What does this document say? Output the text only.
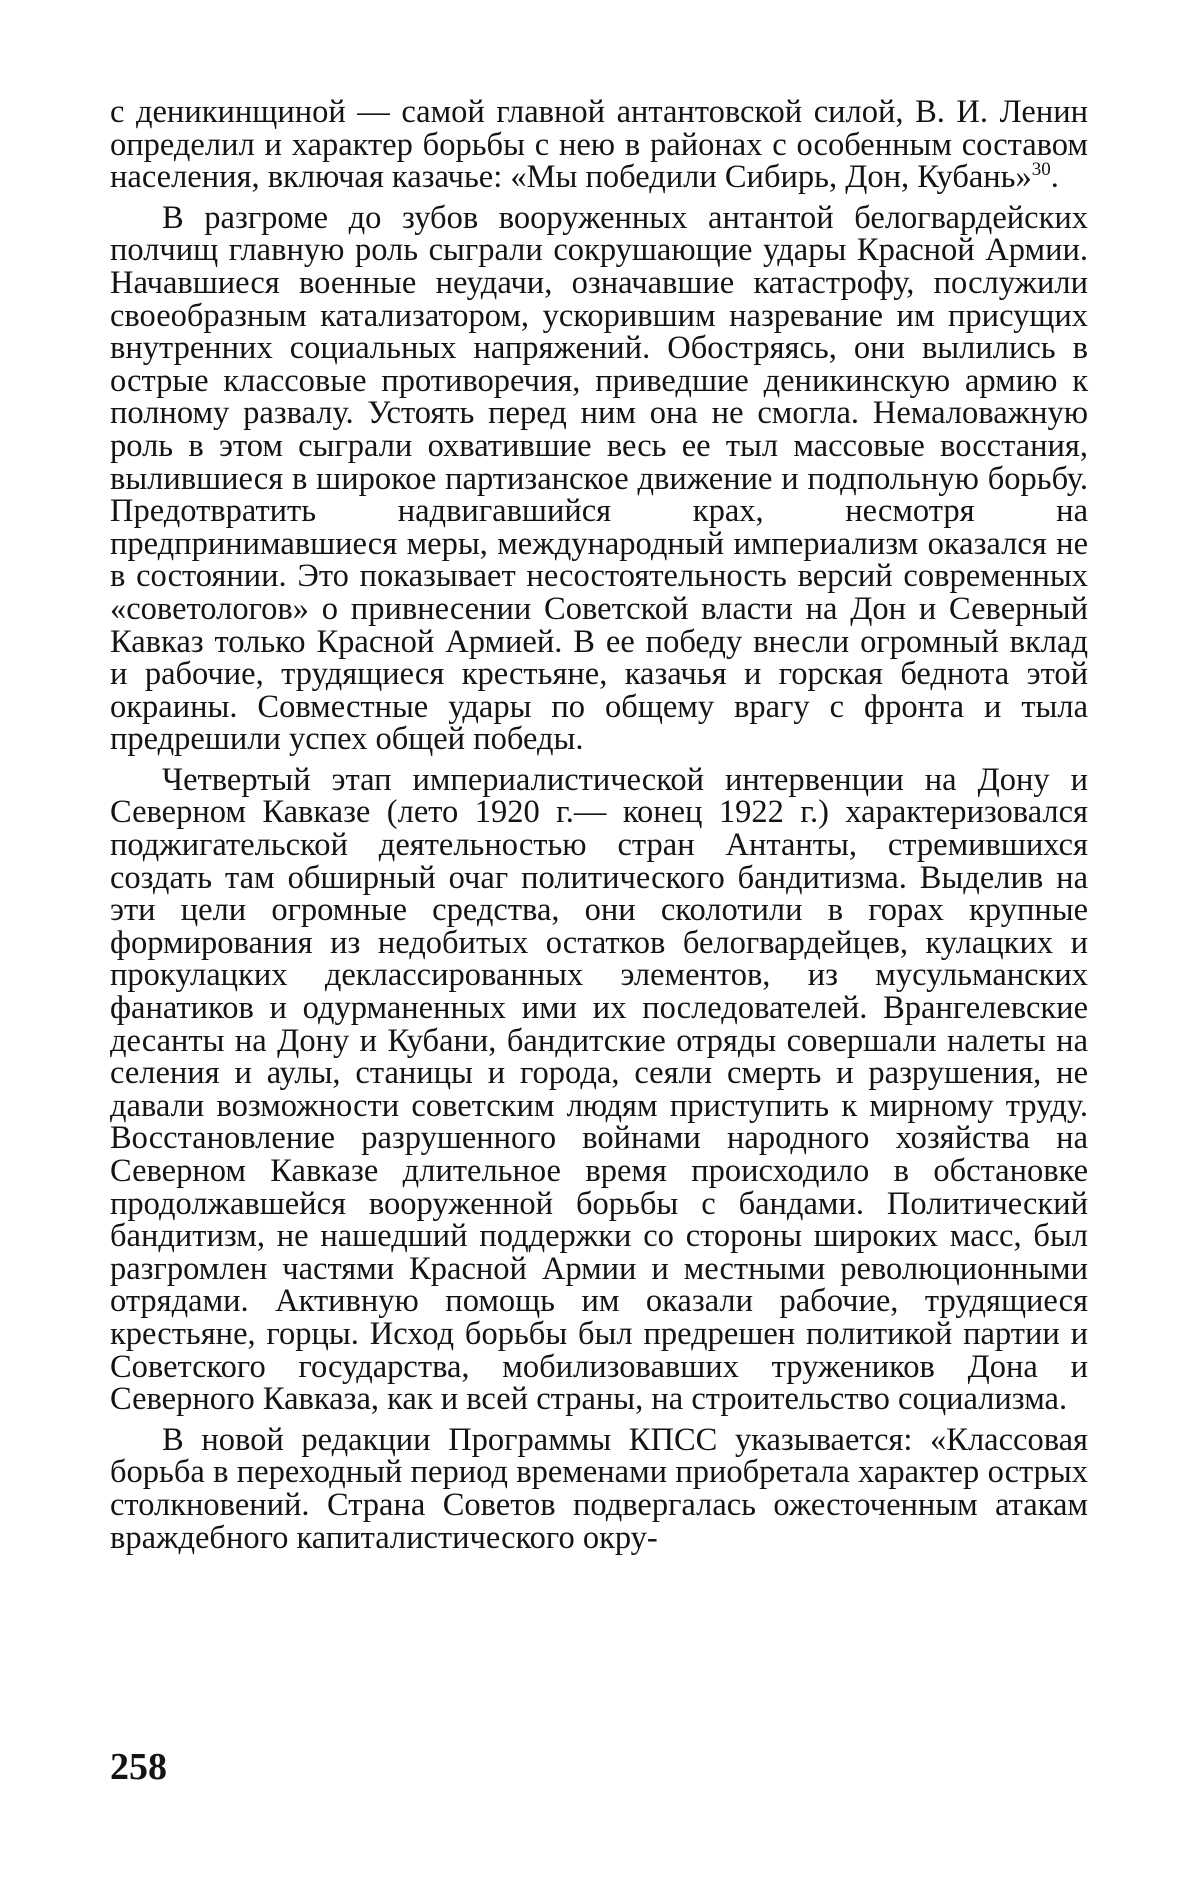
с деникинщиной — самой главной антантовской силой, В. И. Ленин определил и характер борьбы с нею в районах с особенным составом населения, включая казачье: «Мы победили Сибирь, Дон, Кубань»$^{30}$.

В разгроме до зубов вооруженных антантой белогвардейских полчищ главную роль сыграли сокрушающие удары Красной Армии. Начавшиеся военные неудачи, означавшие катастрофу, послужили своеобразным катализатором, ускорившим назревание им присущих внутренних социальных напряжений. Обостряясь, они вылились в острые классовые противоречия, приведшие деникинскую армию к полному развалу. Устоять перед ним она не смогла. Немаловажную роль в этом сыграли охватившие весь ее тыл массовые восстания, вылившиеся в широкое партизанское движение и подпольную борьбу. Предотвратить надвигавшийся крах, несмотря на предпринимавшиеся меры, международный империализм оказался не в состоянии. Это показывает несостоятельность версий современных «советологов» о привнесении Советской власти на Дон и Северный Кавказ только Красной Армией. В ее победу внесли огромный вклад и рабочие, трудящиеся крестьяне, казачья и горская беднота этой окраины. Совместные удары по общему врагу с фронта и тыла предрешили успех общей победы.

Четвертый этап империалистической интервенции на Дону и Северном Кавказе (лето 1920 г.— конец 1922 г.) характеризовался поджигательской деятельностью стран Антанты, стремившихся создать там обширный очаг политического бандитизма. Выделив на эти цели огромные средства, они сколотили в горах крупные формирования из недобитых остатков белогвардейцев, кулацких и прокулацких деклассированных элементов, из мусульманских фанатиков и одурманенных ими их последователей. Врангелевские десанты на Дону и Кубани, бандитские отряды совершали налеты на селения и аулы, станицы и города, сеяли смерть и разрушения, не давали возможности советским людям приступить к мирному труду. Восстановление разрушенного войнами народного хозяйства на Северном Кавказе длительное время происходило в обстановке продолжавшейся вооруженной борьбы с бандами. Политический бандитизм, не нашедший поддержки со стороны широких масс, был разгромлен частями Красной Армии и местными революционными отрядами. Активную помощь им оказали рабочие, трудящиеся крестьяне, горцы. Исход борьбы был предрешен политикой партии и Советского государства, мобилизовавших тружеников Дона и Северного Кавказа, как и всей страны, на строительство социализма.

В новой редакции Программы КПСС указывается: «Классовая борьба в переходный период временами приобретала характер острых столкновений. Страна Советов подвергалась ожесточенным атакам враждебного капиталистического окру-

258
